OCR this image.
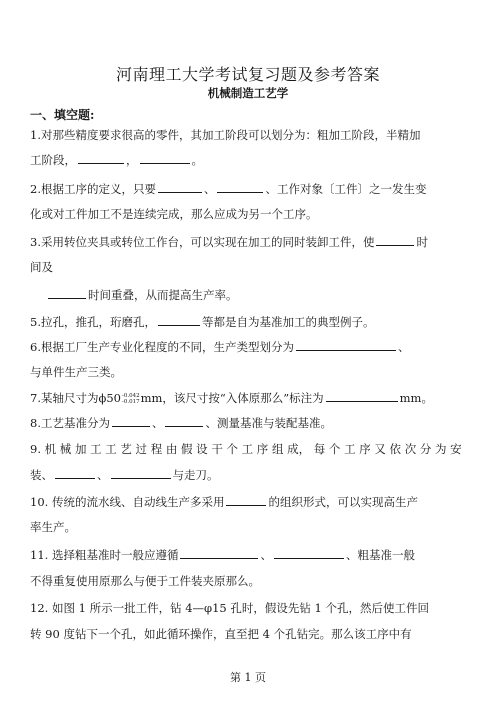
河南理工大学考试复习题及参考答案
机械制造工艺学
一、填空题:
1.对那些精度要求很高的零件，其加工阶段可以划分为：粗加工阶段，半精加
工阶段，	，	。
2.根据工序的定义，只要	、	、工作对象〔工件〕之一发生变
化或对工件加工不是连续完成，那么应成为另一个工序。
3.采用转位夹具或转位工作台，可以实现在加工的同时装卸工件，使	时
间及
时间重叠，从而提高生产率。
5.拉孔，推孔，珩磨孔，	等都是自为基准加工的典型例子。
6.根据工厂生产专业化程度的不同，生产类型划分为	、
与单件生产三类。
7.某轴尺寸为ϕ50 -0.042
-0.017 mm，该尺寸按“入体原那么”标注为	mm。
8.工艺基准分为	、	、测量基准与装配基准。
9. 机 械 加 工 工 艺 过 程 由 假 设 干 个 工 序 组 成， 每 个 工 序 又 依 次 分 为 安
装、	、	与走刀。
10. 传统的流水线、自动线生产多采用	的组织形式，可以实现高生产
率生产。
11. 选择粗基准时一般应遵循	、	、粗基准一般
不得重复使用原那么与便于工件装夹原那么。
12. 如图 1 所示一批工件，钻 4—φ15 孔时，假设先钻 1 个孔，然后使工件回
转 90 度钻下一个孔，如此循环操作，直至把 4 个孔钻完。那么该工序中有
第 1 页
